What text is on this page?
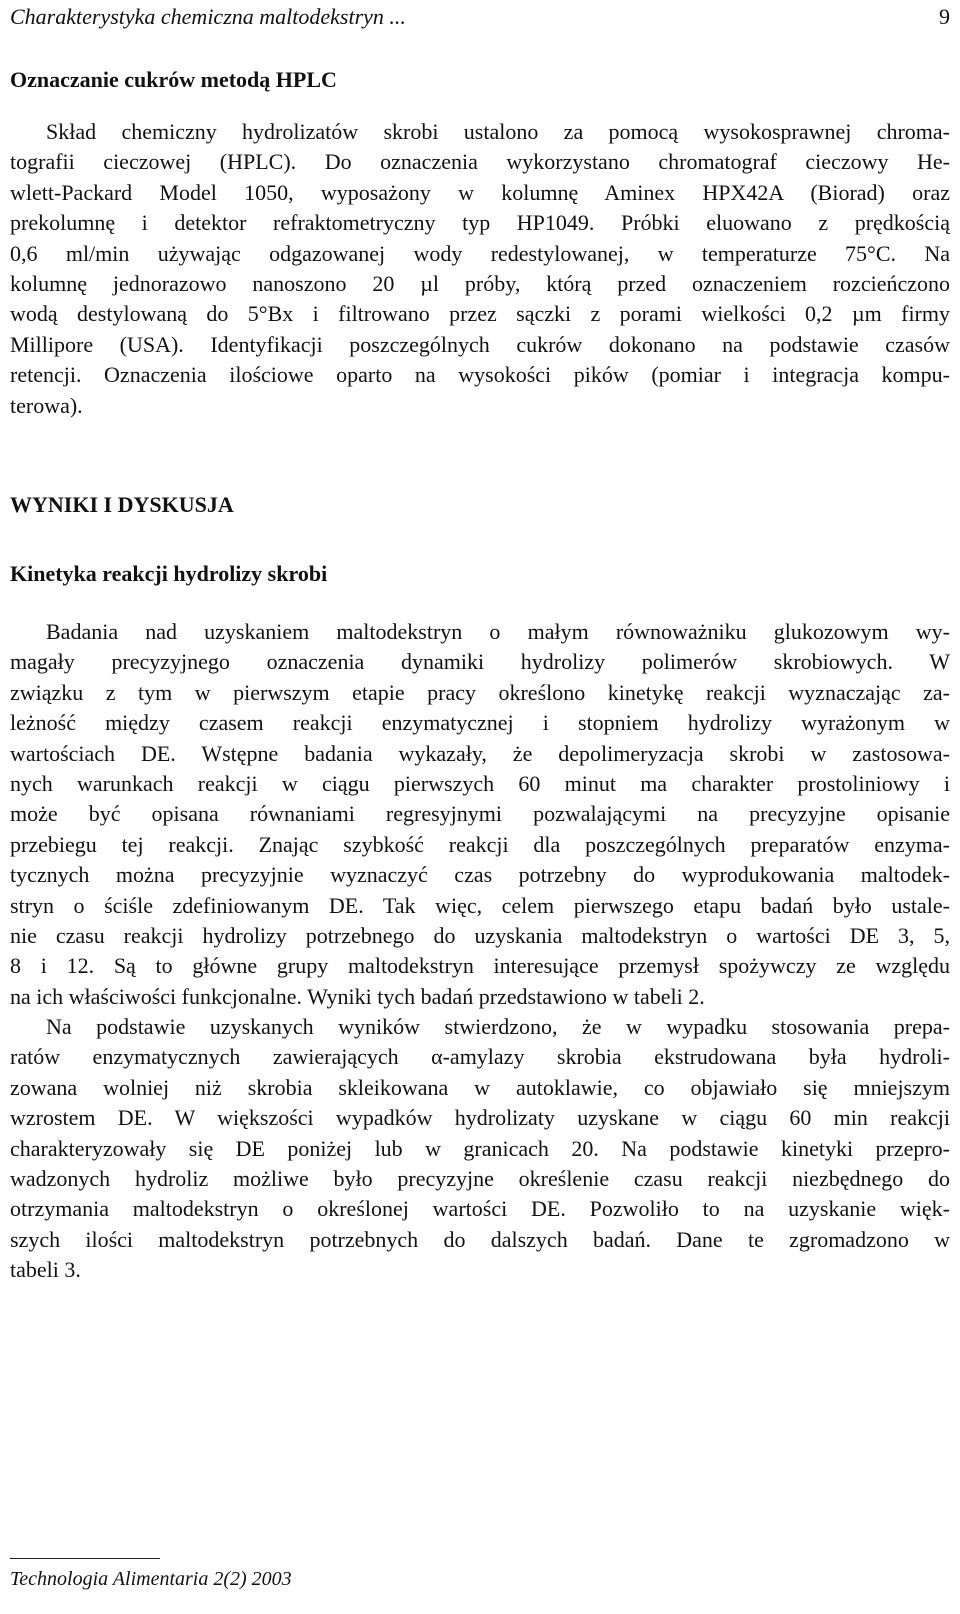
Charakterystyka chemiczna maltodekstryn ...	9
Oznaczanie cukrów metodą HPLC
Skład chemiczny hydrolizatów skrobi ustalono za pomocą wysokosprawnej chroma-
tografii cieczowej (HPLC). Do oznaczenia wykorzystano chromatograf cieczowy He-
wlett-Packard Model 1050, wyposażony w kolumnę Aminex HPX42A (Biorad) oraz
prekolumnę i detektor refraktometryczny typ HP1049. Próbki eluowano z prędkością
0,6 ml/min używając odgazowanej wody redestylowanej, w temperaturze 75°C. Na
kolumnę jednorazowo nanoszono 20 µl próby, którą przed oznaczeniem rozcieńczono
wodą destylowaną do 5°Bx i filtrowano przez sączki z porami wielkości 0,2 µm firmy
Millipore (USA). Identyfikacji poszczególnych cukrów dokonano na podstawie czasów
retencji. Oznaczenia ilościowe oparto na wysokości pików (pomiar i integracja kompu-
terowa).
WYNIKI I DYSKUSJA
Kinetyka reakcji hydrolizy skrobi
Badania nad uzyskaniem maltodekstryn o małym równoważniku glukozowym wy-
magały precyzyjnego oznaczenia dynamiki hydrolizy polimerów skrobiowych. W
związku z tym w pierwszym etapie pracy określono kinetykę reakcji wyznaczając za-
leżność między czasem reakcji enzymatycznej i stopniem hydrolizy wyrażonym w
wartościach DE. Wstępne badania wykazały, że depolimeryzacja skrobi w zastosowa-
nych warunkach reakcji w ciągu pierwszych 60 minut ma charakter prostoliniowy i
może być opisana równaniami regresyjnymi pozwalającymi na precyzyjne opisanie
przebiegu tej reakcji. Znając szybkość reakcji dla poszczególnych preparatów enzyma-
tycznych można precyzyjnie wyznaczyć czas potrzebny do wyprodukowania maltodek-
stryn o ściśle zdefiniowanym DE. Tak więc, celem pierwszego etapu badań było ustale-
nie czasu reakcji hydrolizy potrzebnego do uzyskania maltodekstryn o wartości DE 3, 5,
8 i 12. Są to główne grupy maltodekstryn interesujące przemysł spożywczy ze względu
na ich właściwości funkcjonalne. Wyniki tych badań przedstawiono w tabeli 2.
Na podstawie uzyskanych wyników stwierdzono, że w wypadku stosowania prepa-
ratów enzymatycznych zawierających α-amylazy skrobia ekstrudowana była hydroli-
zowana wolniej niż skrobia skleikowana w autoklawie, co objawiało się mniejszym
wzrostem DE. W większości wypadków hydrolizaty uzyskane w ciągu 60 min reakcji
charakteryzowały się DE poniżej lub w granicach 20. Na podstawie kinetyki przepro-
wadzonych hydroliz możliwe było precyzyjne określenie czasu reakcji niezbędnego do
otrzymania maltodekstryn o określonej wartości DE. Pozwoliło to na uzyskanie więk-
szych ilości maltodekstryn potrzebnych do dalszych badań. Dane te zgromadzono w
tabeli 3.
Technologia Alimentaria 2(2) 2003
